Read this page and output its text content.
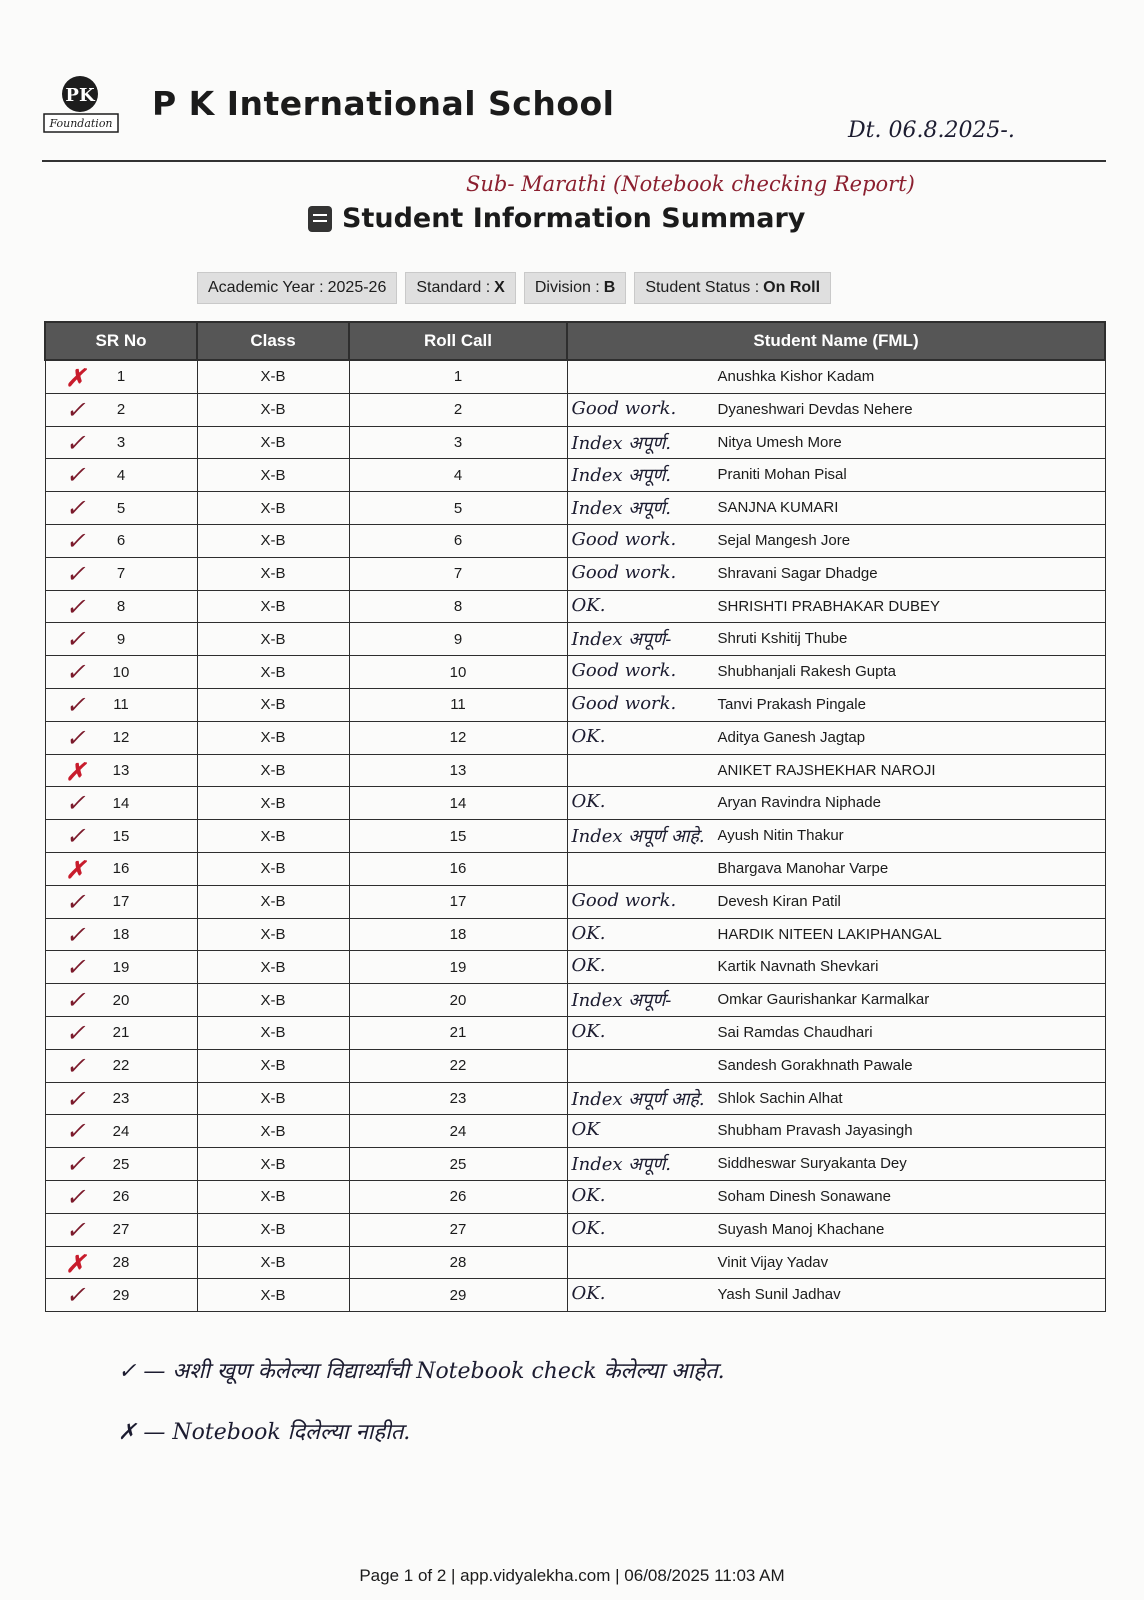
PK
Foundation
P K International School
Dt. 06.8.2025-.
Sub- Marathi (Notebook checking Report)
Student Information Summary
Academic Year : 2025-26 Standard : X Division : B Student Status : On Roll
SR No	Class	Roll Call	Student Name (FML)

✗ 1	X-B	1	Anushka Kishor Kadam

✓ 2	X-B	2	Good work. Dyaneshwari Devdas Nehere

✓ 3	X-B	3	Index अपूर्ण. Nitya Umesh More

✓ 4	X-B	4	Index अपूर्ण. Praniti Mohan Pisal

✓ 5	X-B	5	Index अपूर्ण. SANJNA KUMARI

✓ 6	X-B	6	Good work. Sejal Mangesh Jore

✓ 7	X-B	7	Good work. Shravani Sagar Dhadge

✓ 8	X-B	8	OK. SHRISHTI PRABHAKAR DUBEY

✓ 9	X-B	9	Index अपूर्ण- Shruti Kshitij Thube

✓ 10	X-B	10	Good work. Shubhanjali Rakesh Gupta

✓ 11	X-B	11	Good work. Tanvi Prakash Pingale

✓ 12	X-B	12	OK. Aditya Ganesh Jagtap

✗ 13	X-B	13	ANIKET RAJSHEKHAR NAROJI

✓ 14	X-B	14	OK. Aryan Ravindra Niphade

✓ 15	X-B	15	Index अपूर्ण आहे. Ayush Nitin Thakur

✗ 16	X-B	16	Bhargava Manohar Varpe

✓ 17	X-B	17	Good work. Devesh Kiran Patil

✓ 18	X-B	18	OK. HARDIK NITEEN LAKIPHANGAL

✓ 19	X-B	19	OK. Kartik Navnath Shevkari

✓ 20	X-B	20	Index अपूर्ण- Omkar Gaurishankar Karmalkar

✓ 21	X-B	21	OK. Sai Ramdas Chaudhari

✓ 22	X-B	22	Sandesh Gorakhnath Pawale

✓ 23	X-B	23	Index अपूर्ण आहे. Shlok Sachin Alhat

✓ 24	X-B	24	OK Shubham Pravash Jayasingh

✓ 25	X-B	25	Index अपूर्ण. Siddheswar Suryakanta Dey

✓ 26	X-B	26	OK. Soham Dinesh Sonawane

✓ 27	X-B	27	OK. Suyash Manoj Khachane

✗ 28	X-B	28	Vinit Vijay Yadav

✓ 29	X-B	29	OK. Yash Sunil Jadhav
✓ — अशी खूण केलेल्या विद्यार्थ्यांची Notebook check केलेल्या आहेत.
✗ — Notebook दिलेल्या नाहीत.
Page 1 of 2 | app.vidyalekha.com | 06/08/2025 11:03 AM
